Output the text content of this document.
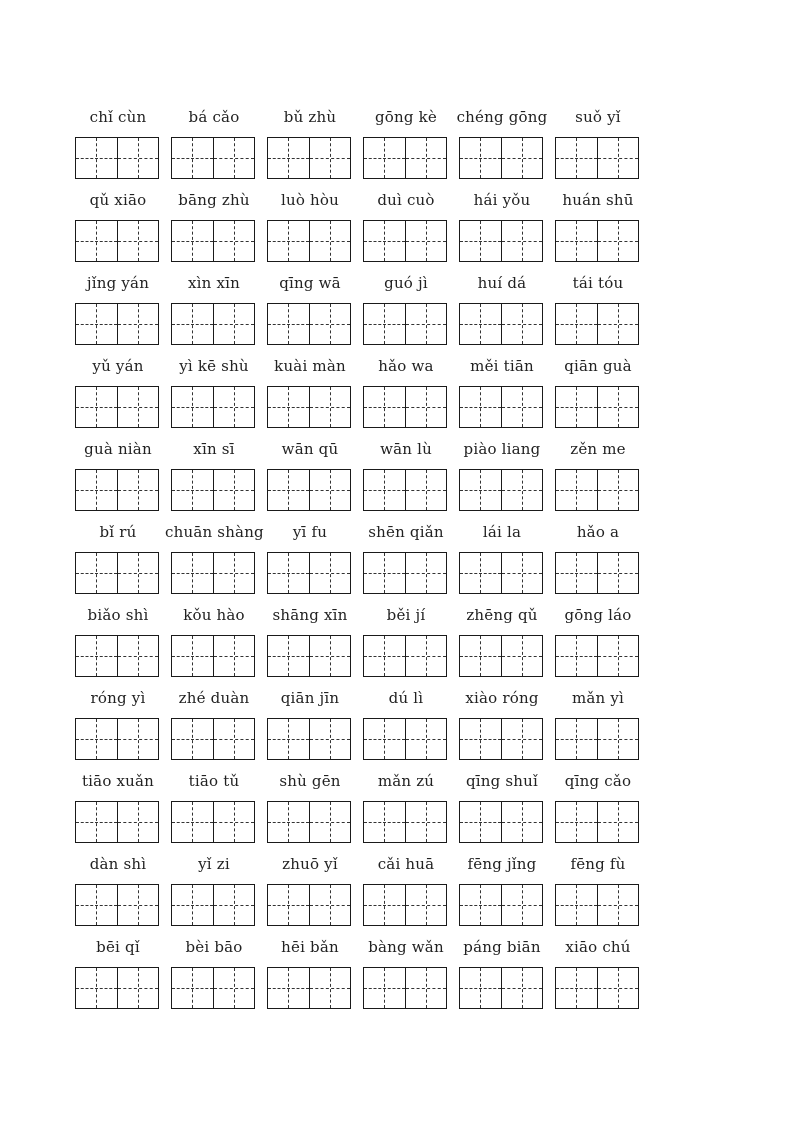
chǐ cùn	bá cǎo	bǔ zhù	gōng kè	chéng gōng	suǒ yǐ
qǔ xiāo	bāng zhù	luò hòu	duì cuò	hái yǒu	huán shū
jǐng yán	xìn xīn	qīng wā	guó jì	huí dá	tái tóu
yǔ yán	yì kē shù	kuài màn	hǎo wa	měi tiān	qiān guà
guà niàn	xīn sī	wān qū	wān lù	piào liang	zěn me
bǐ rú	chuān shàng	yī fu	shēn qiǎn	lái la	hǎo a
biǎo shì	kǒu hào	shāng xīn	běi jí	zhēng qǔ	gōng láo
róng yì	zhé duàn	qiān jīn	dú lì	xiào róng	mǎn yì
tiāo xuǎn	tiāo tǔ	shù gēn	mǎn zú	qīng shuǐ	qīng cǎo
dàn shì	yǐ zi	zhuō yǐ	cǎi huā	fēng jǐng	fēng fù
bēi qǐ	bèi bāo	hēi bǎn	bàng wǎn	páng biān	xiāo chú
